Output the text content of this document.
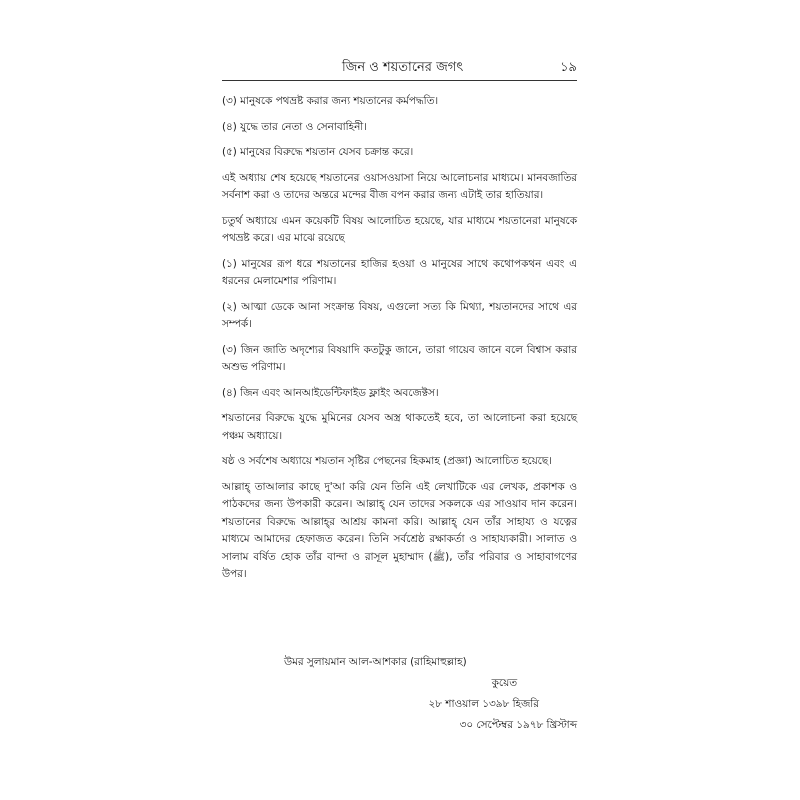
জিন ও শয়তানের জগৎ	১৯
(৩) মানুষকে পথভ্রষ্ট করার জন্য শয়তানের কর্মপদ্ধতি।
(৪) যুদ্ধে তার নেতা ও সেনাবাহিনী।
(৫) মানুষের বিরুদ্ধে শয়তান যেসব চক্রান্ত করে।

এই অধ্যায় শেষ হয়েছে শয়তানের ওয়াসওয়াসা নিয়ে আলোচনার মাধ্যমে। মানবজাতির সর্বনাশ করা ও তাদের অন্তরে মন্দের বীজ বপন করার জন্য এটাই তার হাতিয়ার।

চতুর্থ অধ্যায়ে এমন কয়েকটি বিষয় আলোচিত হয়েছে, যার মাধ্যমে শয়তানেরা মানুষকে পথভ্রষ্ট করে। এর মাঝে রয়েছে

(১) মানুষের রূপ ধরে শয়তানের হাজির হওয়া ও মানুষের সাথে কথোপকথন এবং এ ধরনের মেলামেশার পরিণাম।
(২) আত্মা ডেকে আনা সংক্রান্ত বিষয়, এগুলো সত্য কি মিথ্যা, শয়তানদের সাথে এর সম্পর্ক।
(৩) জিন জাতি অদৃশ্যের বিষয়াদি কতটুকু জানে, তারা গায়েব জানে বলে বিশ্বাস করার অশুভ পরিণাম।
(৪) জিন এবং আনআইডেন্টিফাইড ফ্লাইং অবজেক্টস।

শয়তানের বিরুদ্ধে যুদ্ধে মুমিনের যেসব অস্ত্র থাকতেই হবে, তা আলোচনা করা হয়েছে পঞ্চম অধ্যায়ে।

ষষ্ঠ ও সর্বশেষ অধ্যায়ে শয়তান সৃষ্টির পেছনের হিকমাহ (প্রজ্ঞা) আলোচিত হয়েছে।

আল্লাহ্‌ তাআলার কাছে দু'আ করি যেন তিনি এই লেখাটিকে এর লেখক, প্রকাশক ও পাঠকদের জন্য উপকারী করেন। আল্লাহ্‌ যেন তাদের সকলকে এর সাওয়াব দান করেন। শয়তানের বিরুদ্ধে আল্লাহ্‌র আশ্রয় কামনা করি। আল্লাহ্‌ যেন তাঁর সাহায্য ও যত্নের মাধ্যমে আমাদের হেফাজত করেন। তিনি সর্বশ্রেষ্ঠ রক্ষাকর্তা ও সাহায্যকারী। সালাত ও সালাম বর্ষিত হোক তাঁর বান্দা ও রাসূল মুহাম্মাদ (ﷺ), তাঁর পরিবার ও সাহাবাগণের উপর।

উমর সুলায়মান আল-আশকার (রাহিমাহুল্লাহ)
কুয়েত
২৮ শাওয়াল ১৩৯৮ হিজরি
৩০ সেপ্টেম্বর ১৯৭৮ খ্রিস্টাব্দ
